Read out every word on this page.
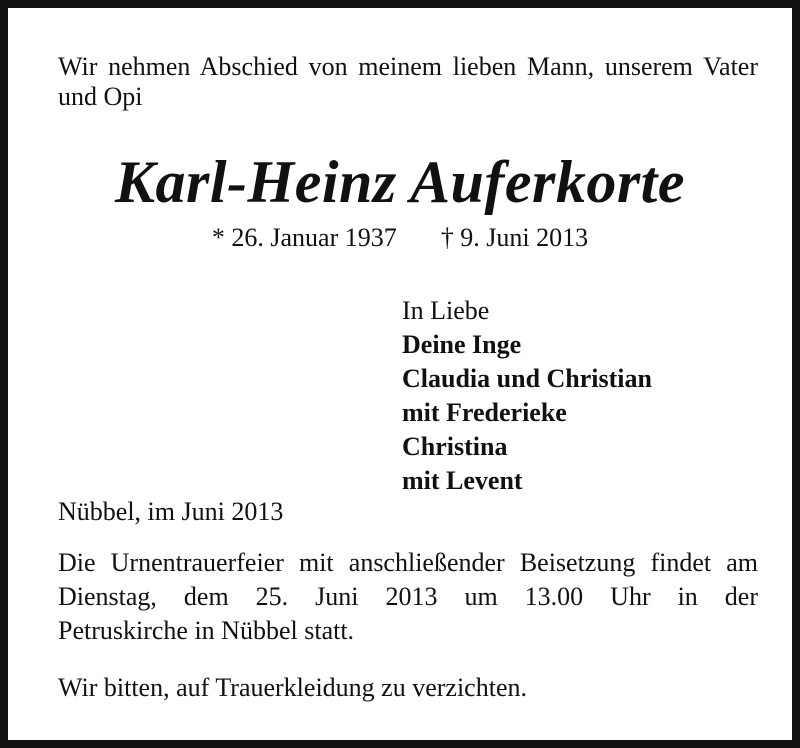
Wir nehmen Abschied von meinem lieben Mann, unserem Vater und Opi
Karl-Heinz Auferkorte
* 26. Januar 1937 † 9. Juni 2013
In Liebe
Deine Inge
Claudia und Christian
mit Frederieke
Christina
mit Levent
Nübbel, im Juni 2013
Die Urnentrauerfeier mit anschließender Beisetzung findet am
Dienstag, dem 25. Juni 2013 um 13.00 Uhr in der
Petruskirche in Nübbel statt.
Wir bitten, auf Trauerkleidung zu verzichten.
